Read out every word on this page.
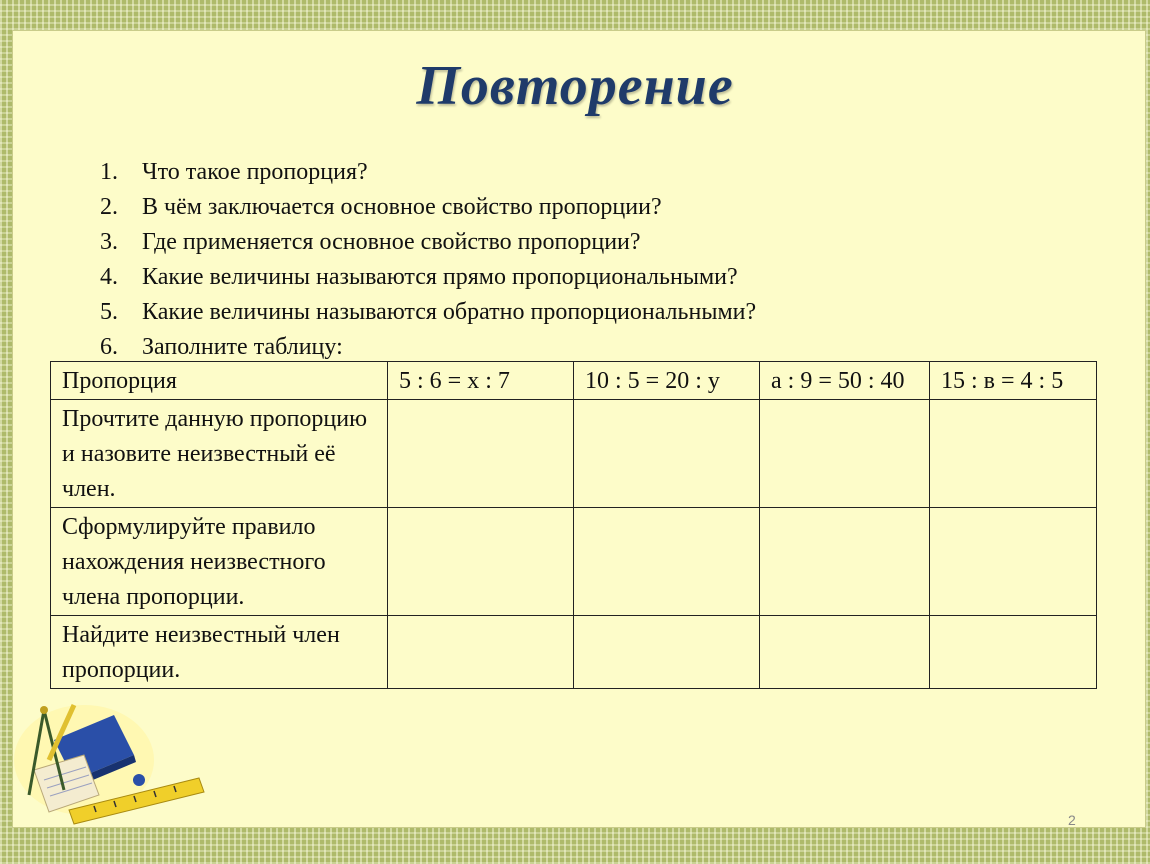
Повторение
1.	Что такое пропорция?
2.	В чём заключается основное свойство пропорции?
3.	Где применяется основное свойство пропорции?
4.	Какие величины называются прямо пропорциональными?
5.	Какие величины называются обратно пропорциональными?
6.	Заполните таблицу:
Пропорция	5 : 6 = х : 7	10 : 5 = 20 : у	а : 9 = 50 : 40	15 : в = 4 : 5
Прочтите данную пропорцию и назовите неизвестный её член.				
Сформулируйте правило нахождения неизвестного члена пропорции.				
Найдите неизвестный член пропорции.				
2
